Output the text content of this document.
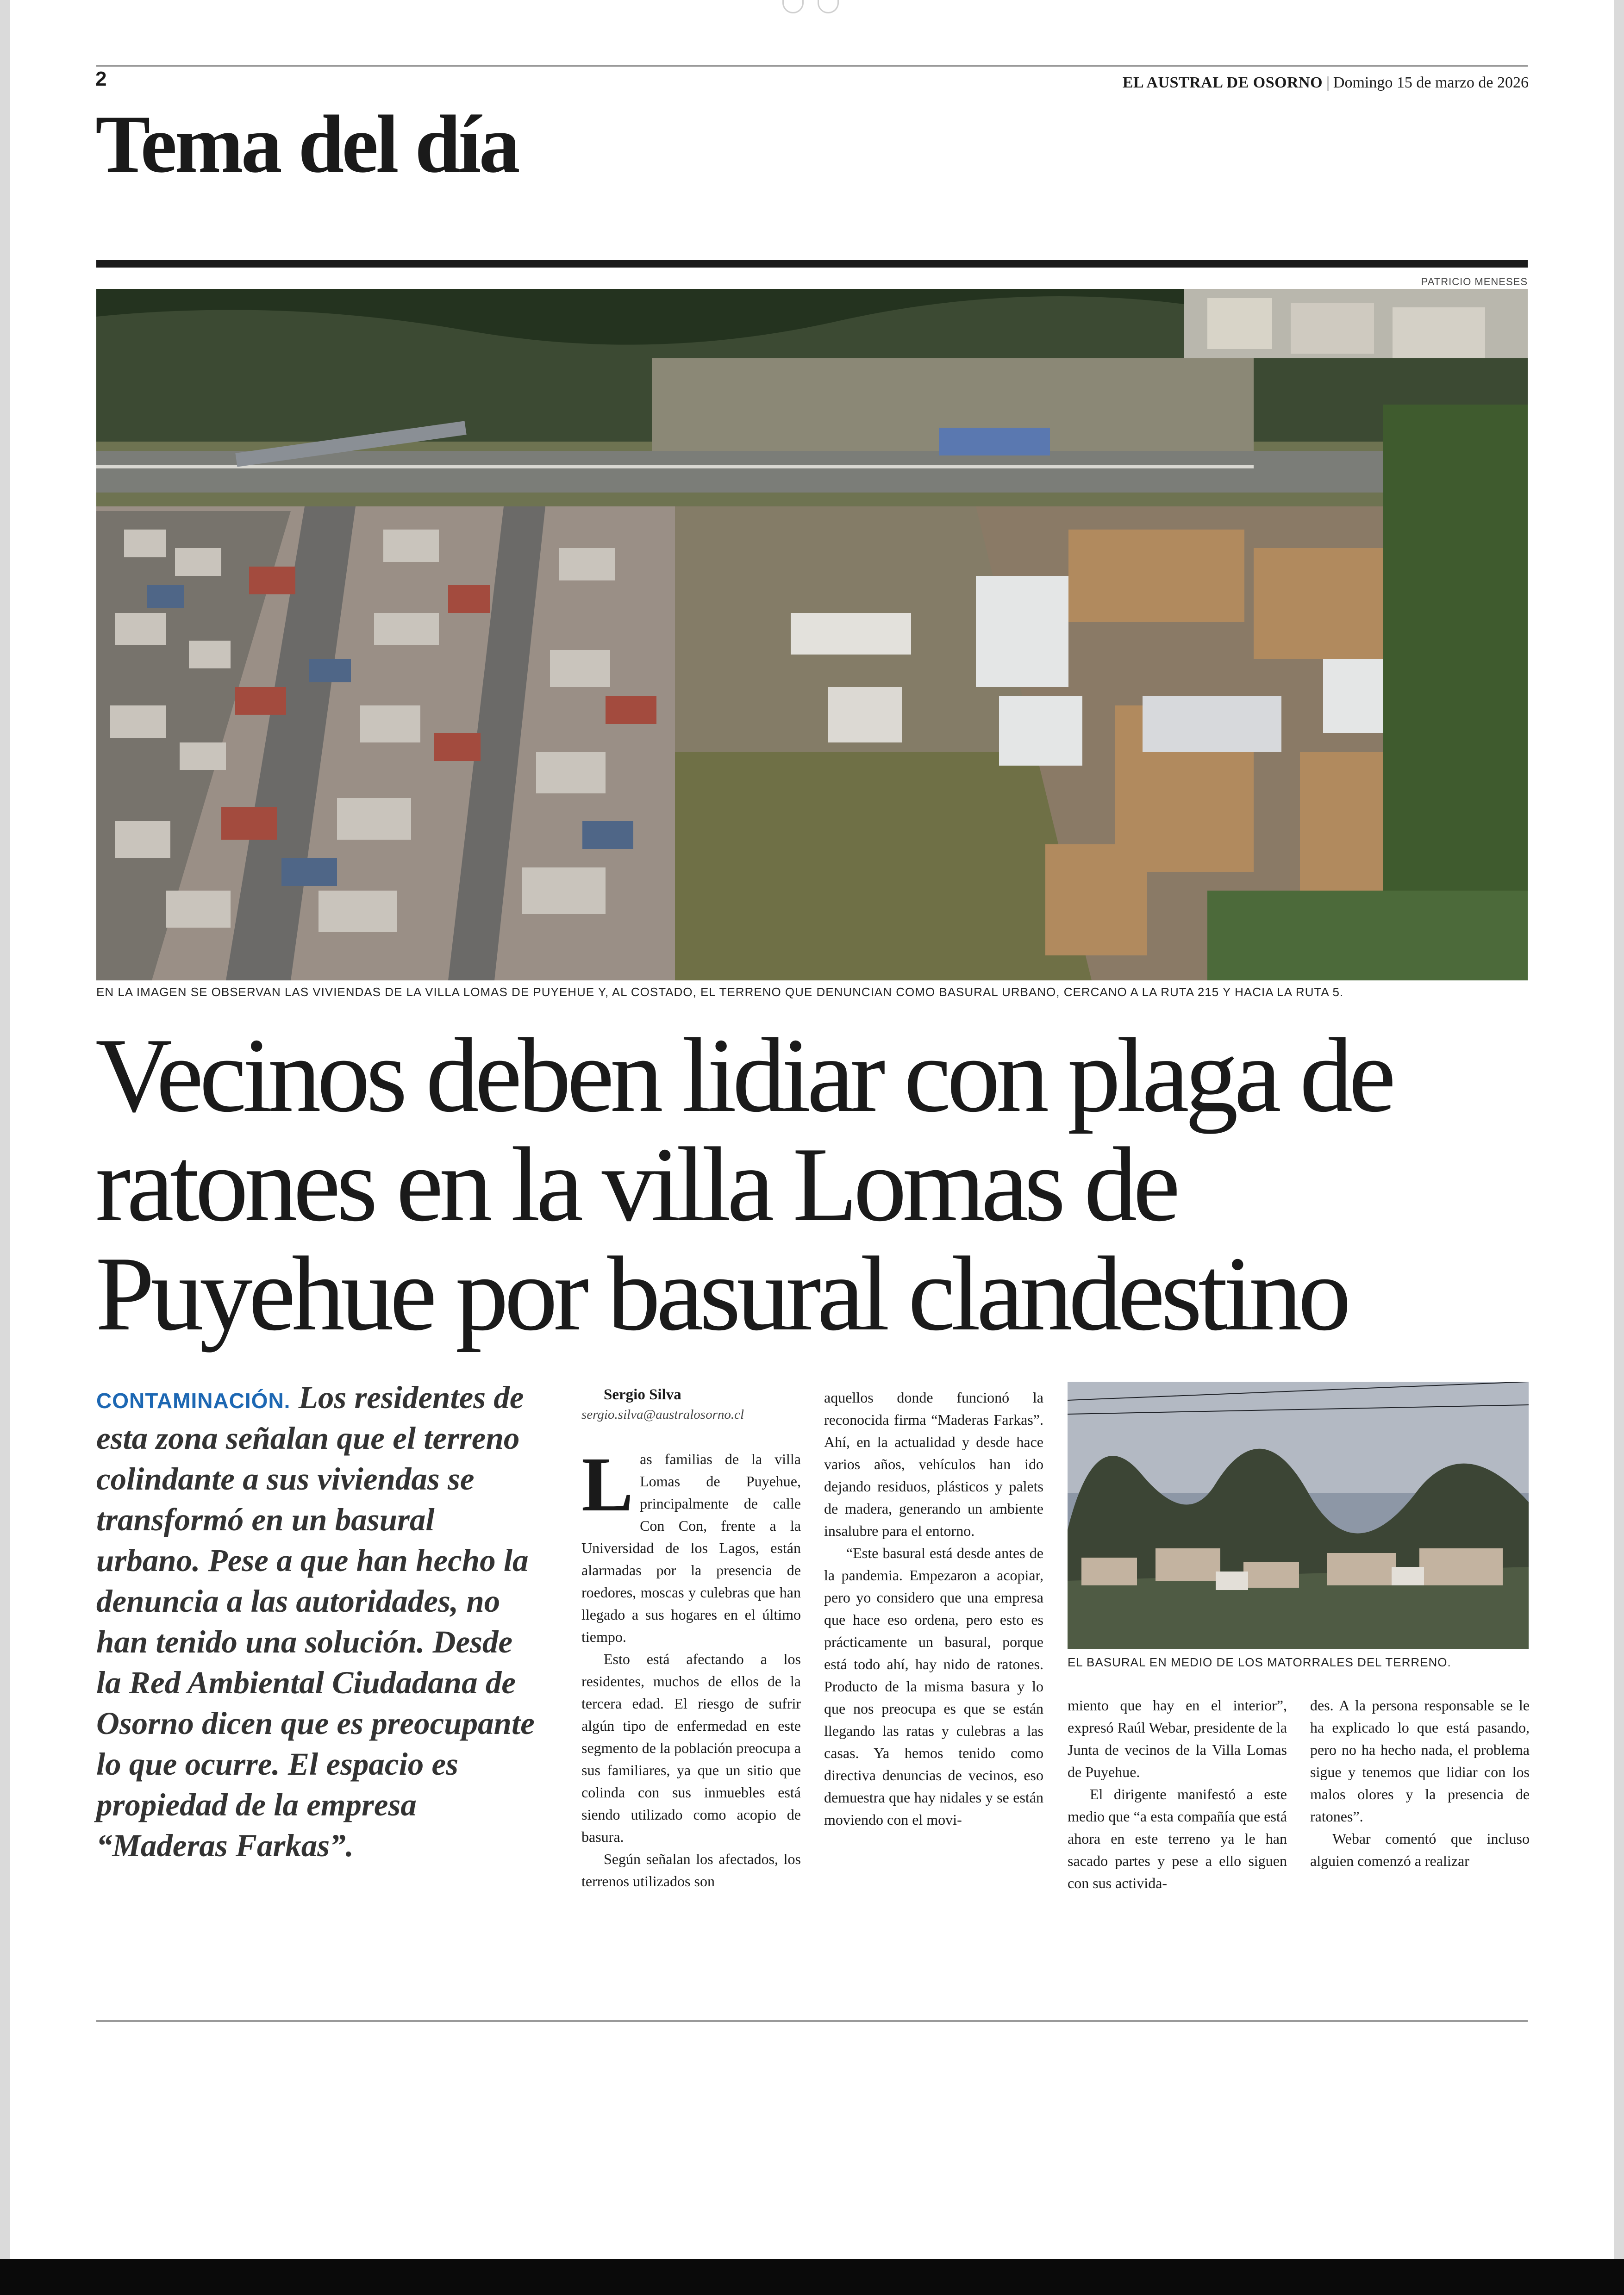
2	EL AUSTRAL DE OSORNO | Domingo 15 de marzo de 2026
Tema del día
PATRICIO MENESES
EN LA IMAGEN SE OBSERVAN LAS VIVIENDAS DE LA VILLA LOMAS DE PUYEHUE Y, AL COSTADO, EL TERRENO QUE DENUNCIAN COMO BASURAL URBANO, CERCANO A LA RUTA 215 Y HACIA LA RUTA 5.
Vecinos deben lidiar con plaga de ratones en la villa Lomas de Puyehue por basural clandestino
CONTAMINACIÓN. Los residentes de esta zona señalan que el terreno colindante a sus viviendas se transformó en un basural urbano. Pese a que han hecho la denuncia a las autoridades, no han tenido una solución. Desde la Red Ambiental Ciudadana de Osorno dicen que es preocupante lo que ocurre. El espacio es propiedad de la empresa “Maderas Farkas”.

Sergio Silva

sergio.silva@australosorno.cl

Las familias de la villa Lomas de Puyehue, principalmente de calle Con Con, frente a la Universidad de los Lagos, están alarmadas por la presencia de roedores, moscas y culebras que han llegado a sus hogares en el último tiempo.

Esto está afectando a los residentes, muchos de ellos de la tercera edad. El riesgo de sufrir algún tipo de enfermedad en este segmento de la población preocupa a sus familiares, ya que un sitio que colinda con sus inmuebles está siendo utilizado como acopio de basura.

Según señalan los afectados, los terrenos utilizados son

aquellos donde funcionó la reconocida firma “Maderas Farkas”. Ahí, en la actualidad y desde hace varios años, vehículos han ido dejando residuos, plásticos y palets de madera, generando un ambiente insalubre para el entorno.

“Este basural está desde antes de la pandemia. Empezaron a acopiar, pero yo considero que una empresa que hace eso ordena, pero esto es prácticamente un basural, porque está todo ahí, hay nido de ratones. Producto de la misma basura y lo que nos preocupa es que se están llegando las ratas y culebras a las casas. Ya hemos tenido como directiva denuncias de vecinos, eso demuestra que hay nidales y se están moviendo con el movi-

EL BASURAL EN MEDIO DE LOS MATORRALES DEL TERRENO.

miento que hay en el interior”, expresó Raúl Webar, presidente de la Junta de vecinos de la Villa Lomas de Puyehue.

El dirigente manifestó a este medio que “a esta compañía que está ahora en este terreno ya le han sacado partes y pese a ello siguen con sus activida-

des. A la persona responsable se le ha explicado lo que está pasando, pero no ha hecho nada, el problema sigue y tenemos que lidiar con los malos olores y la presencia de ratones”.

Webar comentó que incluso alguien comenzó a realizar
